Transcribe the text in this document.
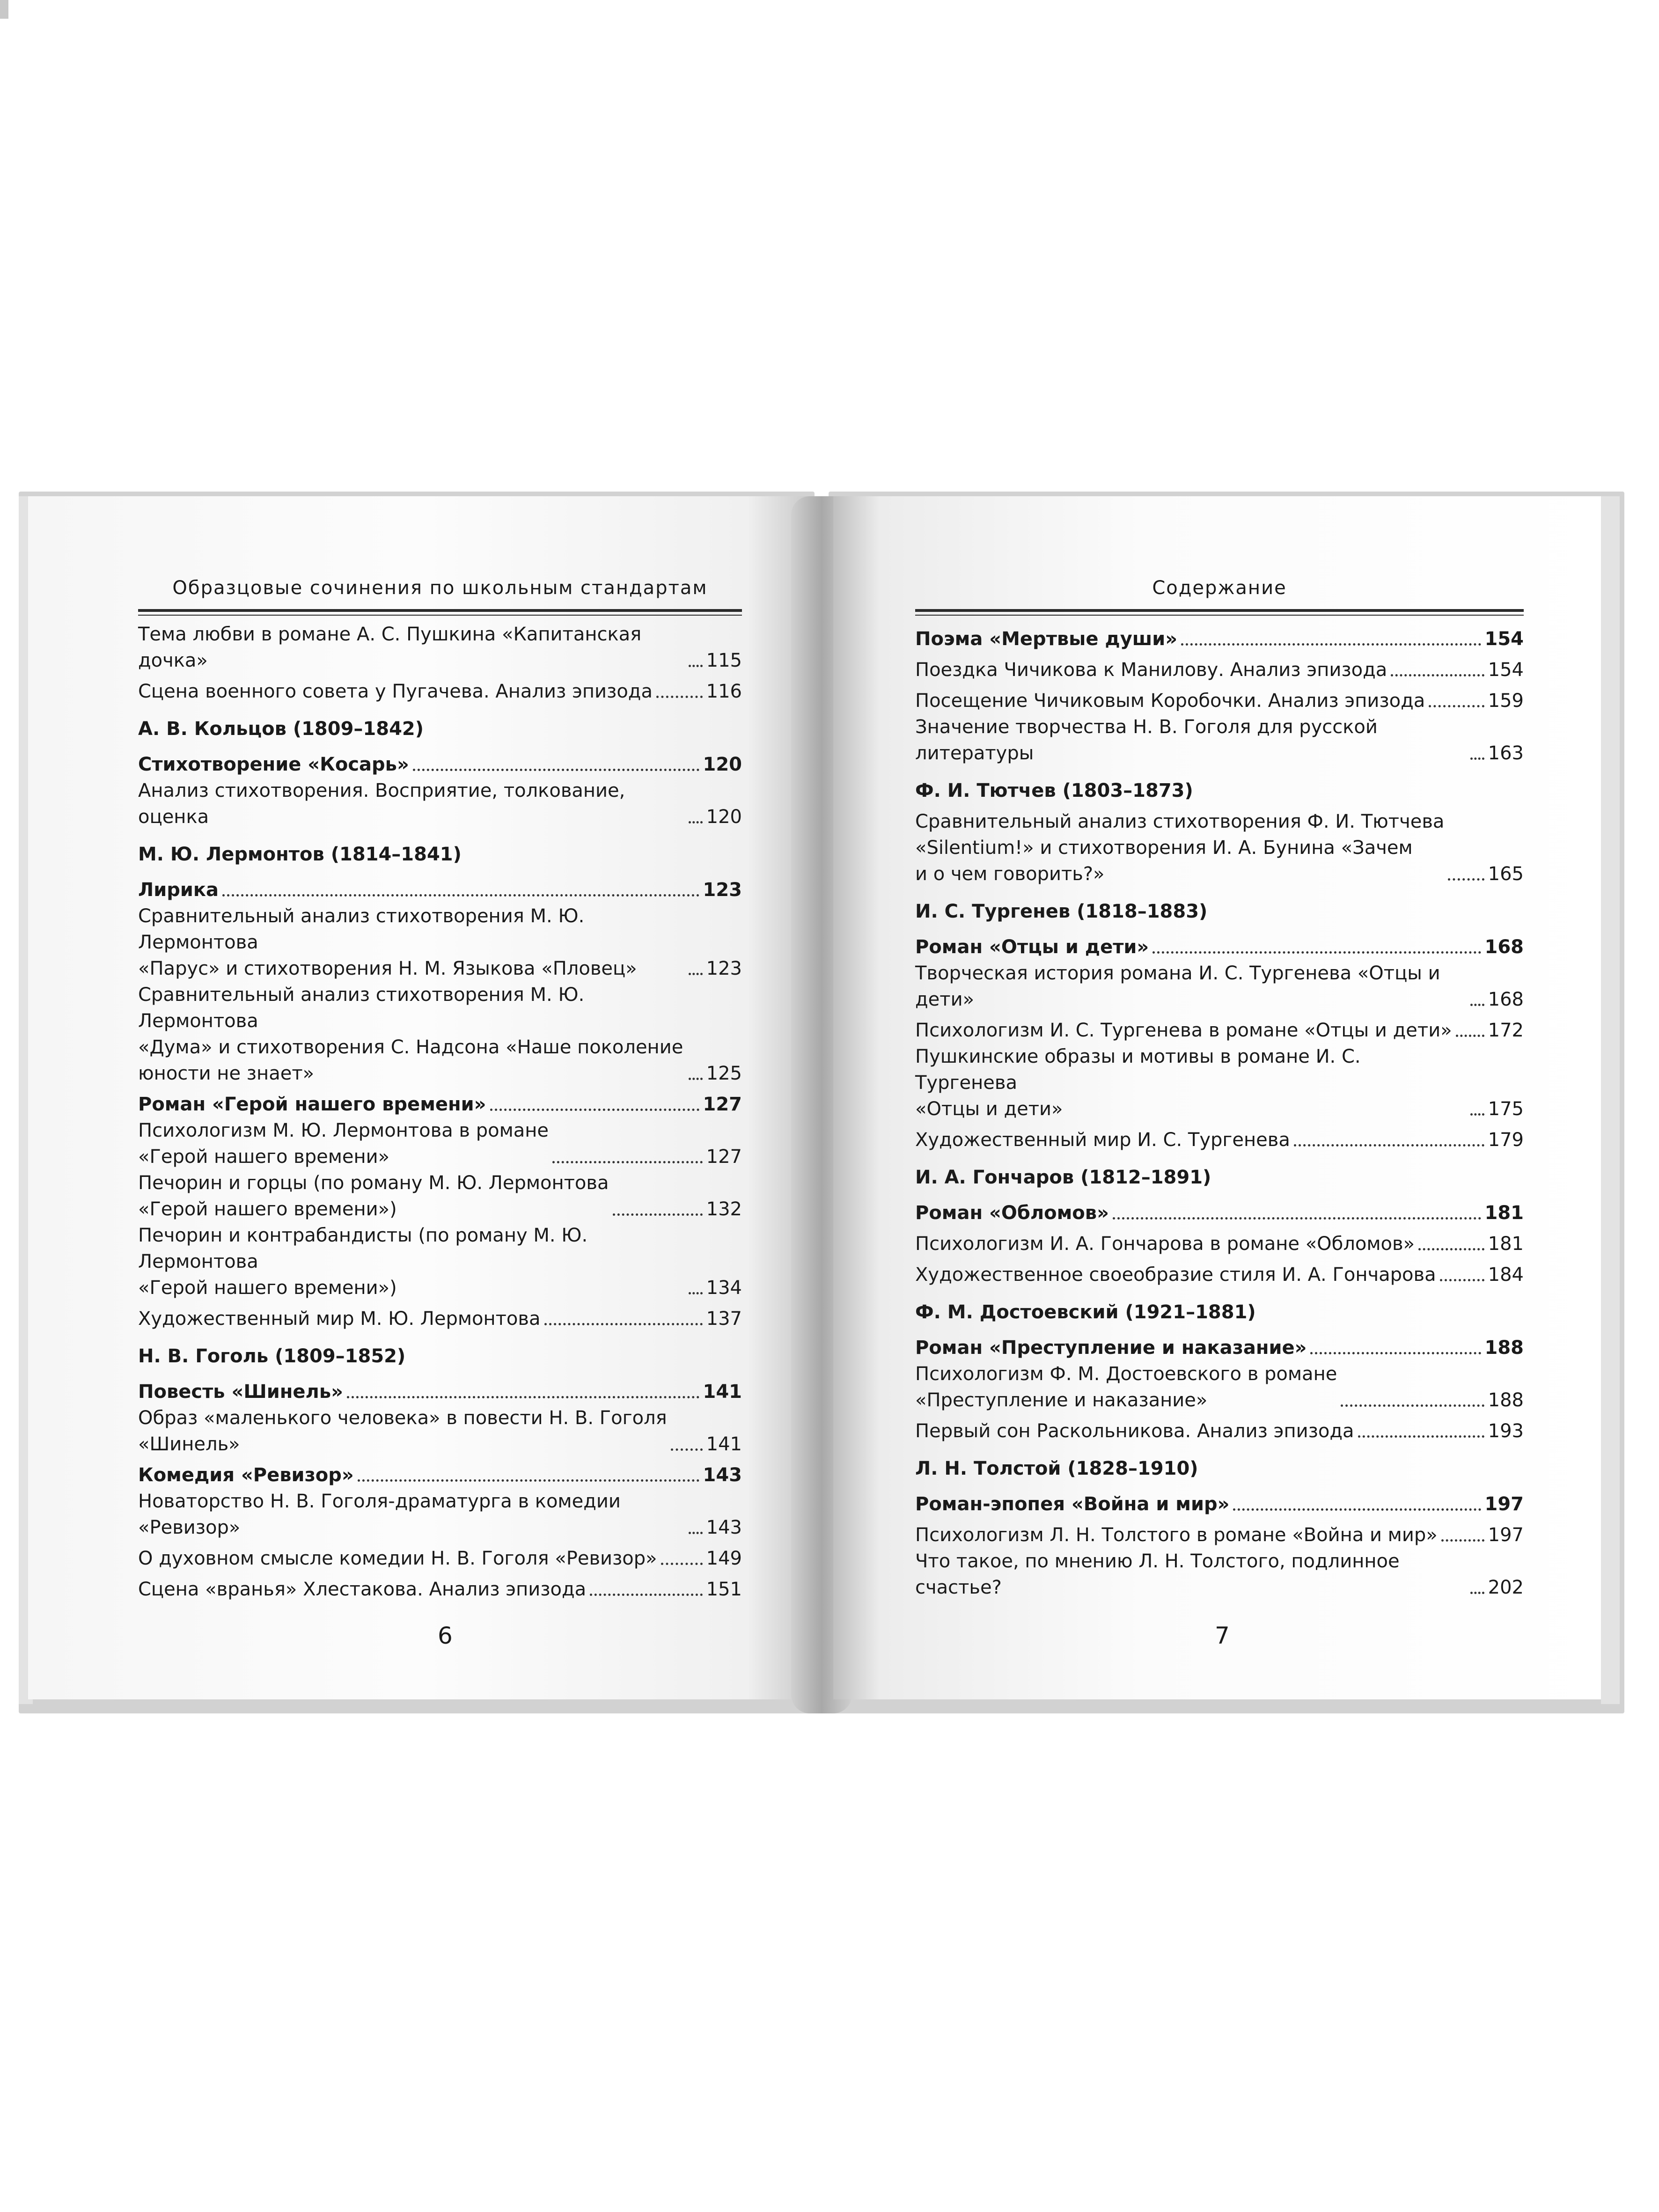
Образцовые сочинения по школьным стандартам
Тема любви в романе А. С. Пушкина «Капитанская дочка»	115
Сцена военного совета у Пугачева. Анализ эпизода	116
А. В. Кольцов (1809–1842)
Стихотворение «Косарь»	120
Анализ стихотворения. Восприятие, толкование, оценка	120
М. Ю. Лермонтов (1814–1841)
Лирика	123
Сравнительный анализ стихотворения М. Ю. Лермонтова
«Парус» и стихотворения Н. М. Языкова «Пловец»	123
Сравнительный анализ стихотворения М. Ю. Лермонтова
«Дума» и стихотворения С. Надсона «Наше поколение
юности не знает»	125
Роман «Герой нашего времени»	127
Психологизм М. Ю. Лермонтова в романе
«Герой нашего времени»	127
Печорин и горцы (по роману М. Ю. Лермонтова
«Герой нашего времени»)	132
Печорин и контрабандисты (по роману М. Ю. Лермонтова
«Герой нашего времени»)	134
Художественный мир М. Ю. Лермонтова	137
Н. В. Гоголь (1809–1852)
Повесть «Шинель»	141
Образ «маленького человека» в повести Н. В. Гоголя
«Шинель»	141
Комедия «Ревизор»	143
Новаторство Н. В. Гоголя-драматурга в комедии «Ревизор»	143
О духовном смысле комедии Н. В. Гоголя «Ревизор»	149
Сцена «вранья» Хлестакова. Анализ эпизода	151
6
Содержание
Поэма «Мертвые души»	154
Поездка Чичикова к Манилову. Анализ эпизода	154
Посещение Чичиковым Коробочки. Анализ эпизода	159
Значение творчества Н. В. Гоголя для русской литературы	163
Ф. И. Тютчев (1803–1873)
Сравнительный анализ стихотворения Ф. И. Тютчева
«Silentium!» и стихотворения И. А. Бунина «Зачем
и о чем говорить?»	165
И. С. Тургенев (1818–1883)
Роман «Отцы и дети»	168
Творческая история романа И. С. Тургенева «Отцы и дети»	168
Психологизм И. С. Тургенева в романе «Отцы и дети» 172
Пушкинские образы и мотивы в романе И. С. Тургенева
«Отцы и дети»	175
Художественный мир И. С. Тургенева	179
И. А. Гончаров (1812–1891)
Роман «Обломов»	181
Психологизм И. А. Гончарова в романе «Обломов»	181
Художественное своеобразие стиля И. А. Гончарова	184
Ф. М. Достоевский (1921–1881)
Роман «Преступление и наказание»	188
Психологизм Ф. М. Достоевского в романе
«Преступление и наказание»	188
Первый сон Раскольникова. Анализ эпизода	193
Л. Н. Толстой (1828–1910)
Роман-эпопея «Война и мир»	197
Психологизм Л. Н. Толстого в романе «Война и мир»	197
Что такое, по мнению Л. Н. Толстого, подлинное счастье?	202
7
